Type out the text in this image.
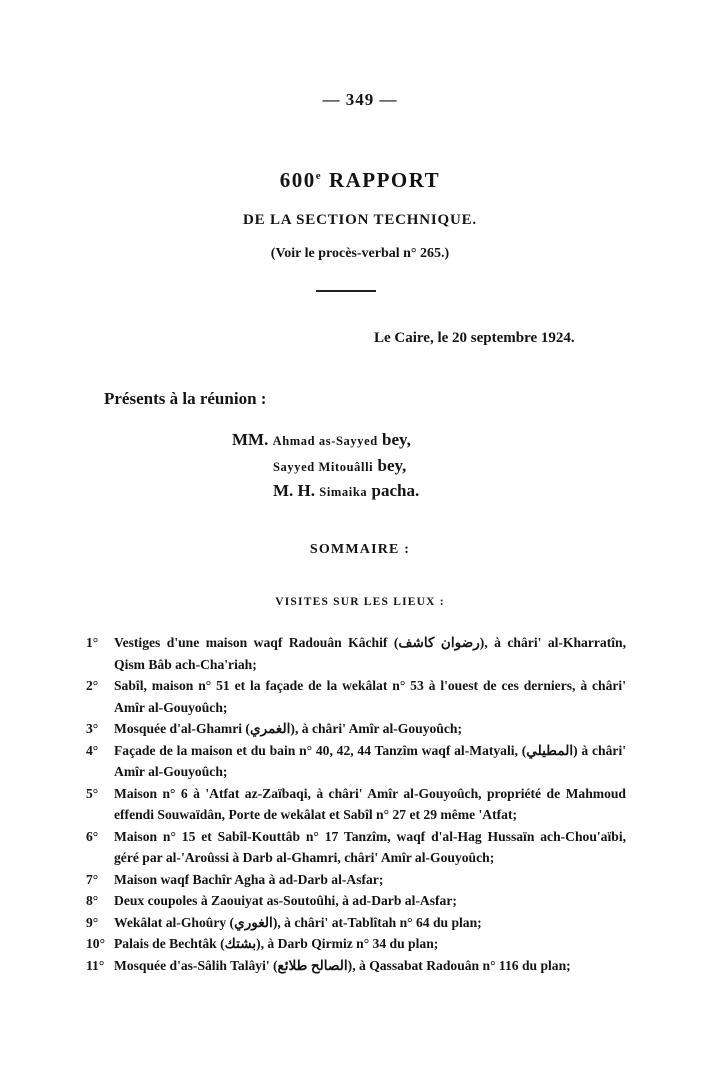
— 349 —
600e RAPPORT
DE LA SECTION TECHNIQUE.
(Voir le procès-verbal n° 265.)
Le Caire, le 20 septembre 1924.
Présents à la réunion :
MM. Ahmad as-Sayyed bey,
Sayyed Mitouâlli bey,
M. H. Simaika pacha.
SOMMAIRE :
VISITES SUR LES LIEUX :

1° Vestiges d'une maison waqf Radouân Kâchif (رضوان كاشف), à châri' al-Kharratîn, Qism Bâb ach-Cha'riah;

2° Sabîl, maison n° 51 et la façade de la wekâlat n° 53 à l'ouest de ces derniers, à châri' Amîr al-Gouyoûch;

3° Mosquée d'al-Ghamri (الغمري), à châri' Amîr al-Gouyoûch;

4° Façade de la maison et du bain n° 40, 42, 44 Tanzîm waqf al-Matyali, (المطيلي) à châri' Amîr al-Gouyoûch;

5° Maison n° 6 à 'Atfat az-Zaïbaqi, à châri' Amîr al-Gouyoûch, propriété de Mahmoud effendi Souwaïdân, Porte de wekâlat et Sabîl n° 27 et 29 même 'Atfat;

6° Maison n° 15 et Sabîl-Kouttâb n° 17 Tanzîm, waqf d'al-Hag Hussaïn ach-Chou'aïbi, géré par al-'Aroûssi à Darb al-Ghamri, châri' Amîr al-Gouyoûch;

7° Maison waqf Bachîr Agha à ad-Darb al-Asfar;

8° Deux coupoles à Zaouiyat as-Soutoûhi, à ad-Darb al-Asfar;

9° Wekâlat al-Ghoûry (الغوري), à châri' at-Tablîtah n° 64 du plan;

10° Palais de Bechtâk (بشتك), à Darb Qirmiz n° 34 du plan;

11° Mosquée d'as-Sâlih Talâyi' (الصالح طلائع), à Qassabat Radouân n° 116 du plan;
